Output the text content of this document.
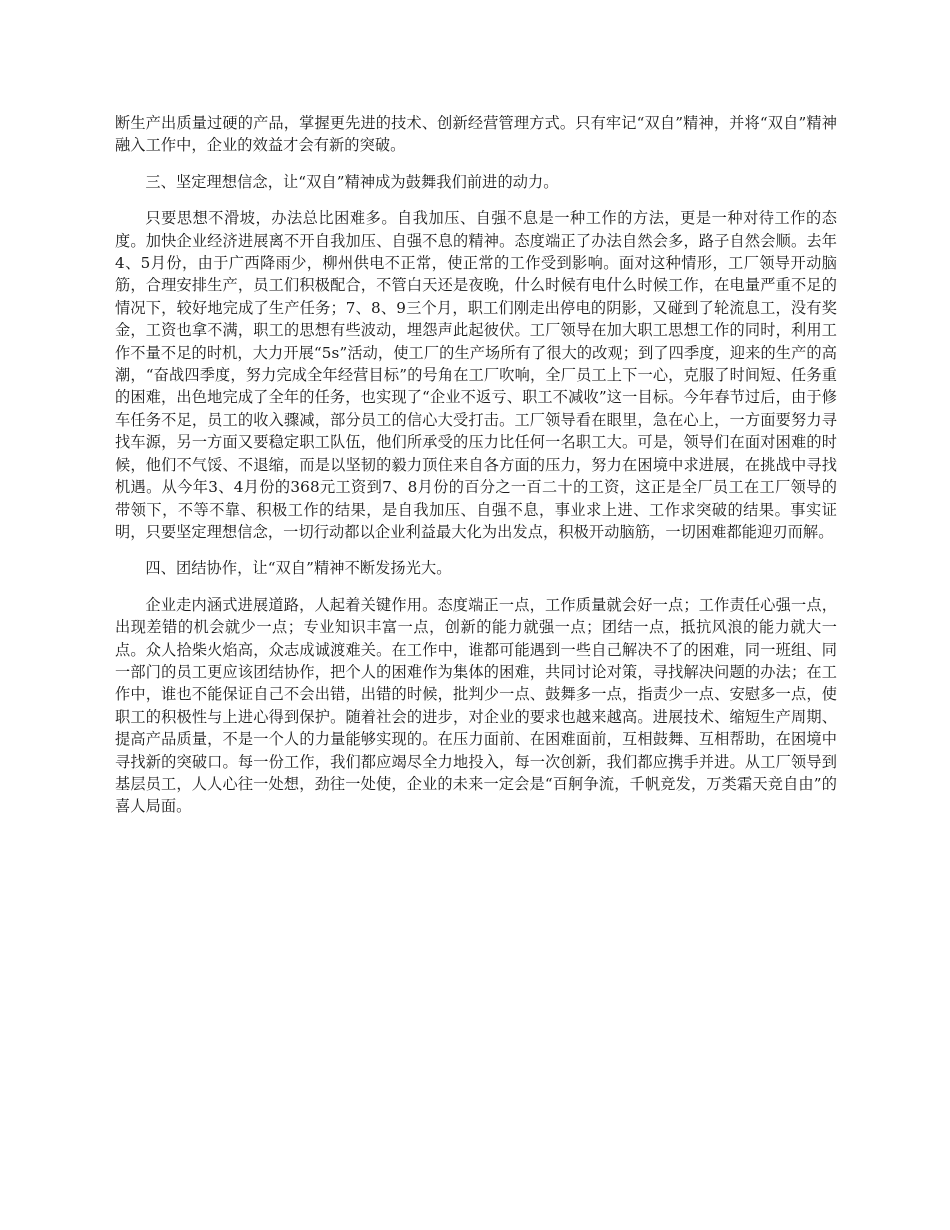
断生产出质量过硬的产品，掌握更先进的技术、创新经营管理方式。只有牢记“双自”精神，并将“双自”精神融入工作中，企业的效益才会有新的突破。

三、坚定理想信念，让“双自”精神成为鼓舞我们前进的动力。

只要思想不滑坡，办法总比困难多。自我加压、自强不息是一种工作的方法，更是一种对待工作的态度。加快企业经济进展离不开自我加压、自强不息的精神。态度端正了办法自然会多，路子自然会顺。去年4、5月份，由于广西降雨少，柳州供电不正常，使正常的工作受到影响。面对这种情形，工厂领导开动脑筋，合理安排生产，员工们积极配合，不管白天还是夜晚，什么时候有电什么时候工作，在电量严重不足的情况下，较好地完成了生产任务；7、8、9三个月，职工们刚走出停电的阴影，又碰到了轮流息工，没有奖金，工资也拿不满，职工的思想有些波动，埋怨声此起彼伏。工厂领导在加大职工思想工作的同时，利用工作不量不足的时机，大力开展“5s”活动，使工厂的生产场所有了很大的改观；到了四季度，迎来的生产的高潮，“奋战四季度，努力完成全年经营目标”的号角在工厂吹响，全厂员工上下一心，克服了时间短、任务重的困难，出色地完成了全年的任务，也实现了“企业不返亏、职工不减收”这一目标。今年春节过后，由于修车任务不足，员工的收入骤减，部分员工的信心大受打击。工厂领导看在眼里，急在心上，一方面要努力寻找车源，另一方面又要稳定职工队伍，他们所承受的压力比任何一名职工大。可是，领导们在面对困难的时候，他们不气馁、不退缩，而是以坚韧的毅力顶住来自各方面的压力，努力在困境中求进展，在挑战中寻找机遇。从今年3、4月份的368元工资到7、8月份的百分之一百二十的工资，这正是全厂员工在工厂领导的带领下，不等不靠、积极工作的结果，是自我加压、自强不息，事业求上进、工作求突破的结果。事实证明，只要坚定理想信念，一切行动都以企业利益最大化为出发点，积极开动脑筋，一切困难都能迎刃而解。

四、团结协作，让“双自”精神不断发扬光大。

企业走内涵式进展道路，人起着关键作用。态度端正一点，工作质量就会好一点；工作责任心强一点，出现差错的机会就少一点；专业知识丰富一点，创新的能力就强一点；团结一点，抵抗风浪的能力就大一点。众人拾柴火焰高，众志成诚渡难关。在工作中，谁都可能遇到一些自己解决不了的困难，同一班组、同一部门的员工更应该团结协作，把个人的困难作为集体的困难，共同讨论对策，寻找解决问题的办法；在工作中，谁也不能保证自己不会出错，出错的时候，批判少一点、鼓舞多一点，指责少一点、安慰多一点，使职工的积极性与上进心得到保护。随着社会的进步，对企业的要求也越来越高。进展技术、缩短生产周期、提高产品质量，不是一个人的力量能够实现的。在压力面前、在困难面前，互相鼓舞、互相帮助，在困境中寻找新的突破口。每一份工作，我们都应竭尽全力地投入，每一次创新，我们都应携手并进。从工厂领导到基层员工，人人心往一处想，劲往一处使，企业的未来一定会是“百舸争流，千帆竞发，万类霜天竞自由”的喜人局面。
